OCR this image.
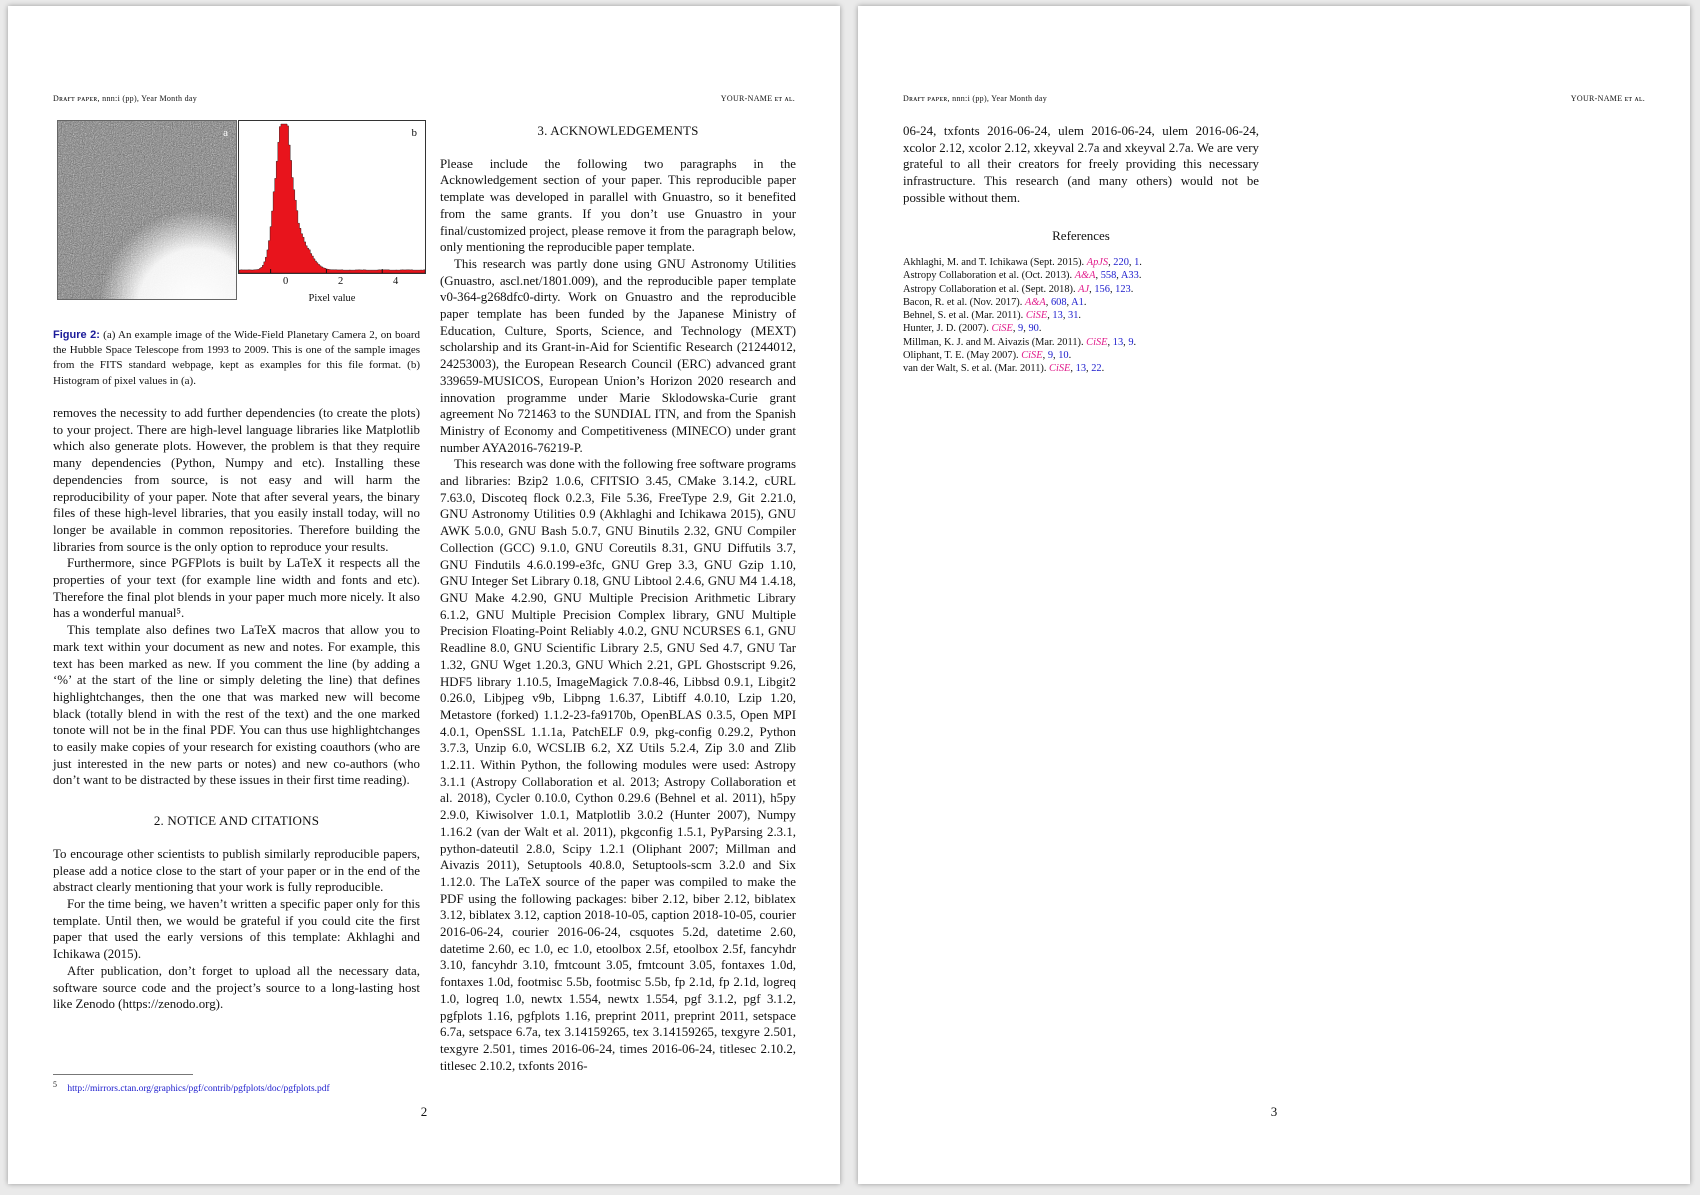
Dʀᴀғᴛ ᴘᴀᴘᴇʀ, nnn:i (pp), Year Month day	YOUR-NAME ᴇᴛ ᴀʟ.
a	b
0	2	4
Pixel value
Figure 2: (a) An example image of the Wide-Field Planetary Camera 2, on board the Hubble Space Telescope from 1993 to 2009. This is one of the sample images from the FITS standard webpage, kept as examples for this file format. (b) Histogram of pixel values in (a).

removes the necessity to add further dependencies (to create the plots) to your project. There are high-level language libraries like Matplotlib which also generate plots. However, the problem is that they require many dependencies (Python, Numpy and etc). Installing these dependencies from source, is not easy and will harm the reproducibility of your paper. Note that after several years, the binary files of these high-level libraries, that you easily install today, will no longer be available in common repositories. Therefore building the libraries from source is the only option to reproduce your results.

Furthermore, since PGFPlots is built by LaTeX it respects all the properties of your text (for example line width and fonts and etc). Therefore the final plot blends in your paper much more nicely. It also has a wonderful manual⁵.

This template also defines two LaTeX macros that allow you to mark text within your document as new and notes. For example, this text has been marked as new. If you comment the line (by adding a ‘%’ at the start of the line or simply deleting the line) that defines highlightchanges, then the one that was marked new will become black (totally blend in with the rest of the text) and the one marked tonote will not be in the final PDF. You can thus use highlightchanges to easily make copies of your research for existing coauthors (who are just interested in the new parts or notes) and new co-authors (who don’t want to be distracted by these issues in their first time reading).

2. NOTICE AND CITATIONS

To encourage other scientists to publish similarly reproducible papers, please add a notice close to the start of your paper or in the end of the abstract clearly mentioning that your work is fully reproducible.

For the time being, we haven’t written a specific paper only for this template. Until then, we would be grateful if you could cite the first paper that used the early versions of this template: Akhlaghi and Ichikawa (2015).

After publication, don’t forget to upload all the necessary data, software source code and the project’s source to a long-lasting host like Zenodo (https://zenodo.org).

$^5$ http://mirrors.ctan.org/graphics/pgf/contrib/pgfplots/doc/pgfplots.pdf
3. ACKNOWLEDGEMENTS

Please include the following two paragraphs in the Acknowledgement section of your paper. This reproducible paper template was developed in parallel with Gnuastro, so it benefited from the same grants. If you don’t use Gnuastro in your final/customized project, please remove it from the paragraph below, only mentioning the reproducible paper template.

This research was partly done using GNU Astronomy Utilities (Gnuastro, ascl.net/1801.009), and the reproducible paper template v0-364-g268dfc0-dirty. Work on Gnuastro and the reproducible paper template has been funded by the Japanese Ministry of Education, Culture, Sports, Science, and Technology (MEXT) scholarship and its Grant-in-Aid for Scientific Research (21244012, 24253003), the European Research Council (ERC) advanced grant 339659-MUSICOS, European Union’s Horizon 2020 research and innovation programme under Marie Sklodowska-Curie grant agreement No 721463 to the SUNDIAL ITN, and from the Spanish Ministry of Economy and Competitiveness (MINECO) under grant number AYA2016-76219-P.

This research was done with the following free software programs and libraries: Bzip2 1.0.6, CFITSIO 3.45, CMake 3.14.2, cURL 7.63.0, Discoteq flock 0.2.3, File 5.36, FreeType 2.9, Git 2.21.0, GNU Astronomy Utilities 0.9 (Akhlaghi and Ichikawa 2015), GNU AWK 5.0.0, GNU Bash 5.0.7, GNU Binutils 2.32, GNU Compiler Collection (GCC) 9.1.0, GNU Coreutils 8.31, GNU Diffutils 3.7, GNU Findutils 4.6.0.199-e3fc, GNU Grep 3.3, GNU Gzip 1.10, GNU Integer Set Library 0.18, GNU Libtool 2.4.6, GNU M4 1.4.18, GNU Make 4.2.90, GNU Multiple Precision Arithmetic Library 6.1.2, GNU Multiple Precision Complex library, GNU Multiple Precision Floating-Point Reliably 4.0.2, GNU NCURSES 6.1, GNU Readline 8.0, GNU Scientific Library 2.5, GNU Sed 4.7, GNU Tar 1.32, GNU Wget 1.20.3, GNU Which 2.21, GPL Ghostscript 9.26, HDF5 library 1.10.5, ImageMagick 7.0.8-46, Libbsd 0.9.1, Libgit2 0.26.0, Libjpeg v9b, Libpng 1.6.37, Libtiff 4.0.10, Lzip 1.20, Metastore (forked) 1.1.2-23-fa9170b, OpenBLAS 0.3.5, Open MPI 4.0.1, OpenSSL 1.1.1a, PatchELF 0.9, pkg-config 0.29.2, Python 3.7.3, Unzip 6.0, WCSLIB 6.2, XZ Utils 5.2.4, Zip 3.0 and Zlib 1.2.11. Within Python, the following modules were used: Astropy 3.1.1 (Astropy Collaboration et al. 2013; Astropy Collaboration et al. 2018), Cycler 0.10.0, Cython 0.29.6 (Behnel et al. 2011), h5py 2.9.0, Kiwisolver 1.0.1, Matplotlib 3.0.2 (Hunter 2007), Numpy 1.16.2 (van der Walt et al. 2011), pkgconfig 1.5.1, PyParsing 2.3.1, python-dateutil 2.8.0, Scipy 1.2.1 (Oliphant 2007; Millman and Aivazis 2011), Setuptools 40.8.0, Setuptools-scm 3.2.0 and Six 1.12.0. The LaTeX source of the paper was compiled to make the PDF using the following packages: biber 2.12, biber 2.12, biblatex 3.12, biblatex 3.12, caption 2018-10-05, caption 2018-10-05, courier 2016-06-24, courier 2016-06-24, csquotes 5.2d, datetime 2.60, datetime 2.60, ec 1.0, ec 1.0, etoolbox 2.5f, etoolbox 2.5f, fancyhdr 3.10, fancyhdr 3.10, fmtcount 3.05, fmtcount 3.05, fontaxes 1.0d, fontaxes 1.0d, footmisc 5.5b, footmisc 5.5b, fp 2.1d, fp 2.1d, logreq 1.0, logreq 1.0, newtx 1.554, newtx 1.554, pgf 3.1.2, pgf 3.1.2, pgfplots 1.16, pgfplots 1.16, preprint 2011, preprint 2011, setspace 6.7a, setspace 6.7a, tex 3.14159265, tex 3.14159265, texgyre 2.501, texgyre 2.501, times 2016-06-24, times 2016-06-24, titlesec 2.10.2, titlesec 2.10.2, txfonts 2016-

2
Dʀᴀғᴛ ᴘᴀᴘᴇʀ, nnn:i (pp), Year Month day	YOUR-NAME ᴇᴛ ᴀʟ.

06-24, txfonts 2016-06-24, ulem 2016-06-24, ulem 2016-06-24, xcolor 2.12, xcolor 2.12, xkeyval 2.7a and xkeyval 2.7a. We are very grateful to all their creators for freely providing this necessary infrastructure. This research (and many others) would not be possible without them.

References
Akhlaghi, M. and T. Ichikawa (Sept. 2015). ApJS, 220, 1.
Astropy Collaboration et al. (Oct. 2013). A&A, 558, A33.
Astropy Collaboration et al. (Sept. 2018). AJ, 156, 123.
Bacon, R. et al. (Nov. 2017). A&A, 608, A1.
Behnel, S. et al. (Mar. 2011). CiSE, 13, 31.
Hunter, J. D. (2007). CiSE, 9, 90.
Millman, K. J. and M. Aivazis (Mar. 2011). CiSE, 13, 9.
Oliphant, T. E. (May 2007). CiSE, 9, 10.
van der Walt, S. et al. (Mar. 2011). CiSE, 13, 22.
3
